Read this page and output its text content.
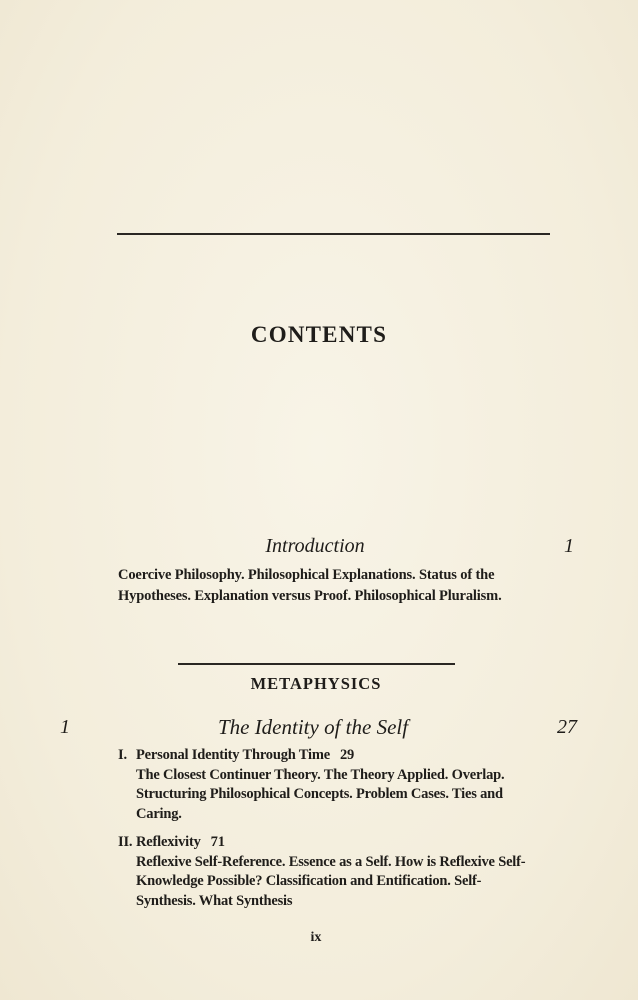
CONTENTS
Introduction	1
Coercive Philosophy. Philosophical Explanations. Status of the Hypotheses. Explanation versus Proof. Philosophical Pluralism.
METAPHYSICS
1	The Identity of the Self	27
I. Personal Identity Through Time 29
The Closest Continuer Theory. The Theory Applied. Overlap. Structuring Philosophical Concepts. Problem Cases. Ties and Caring.
II. Reflexivity 71
Reflexive Self-Reference. Essence as a Self. How is Reflexive Self-Knowledge Possible? Classification and Entification. Self-Synthesis. What Synthesis
ix
